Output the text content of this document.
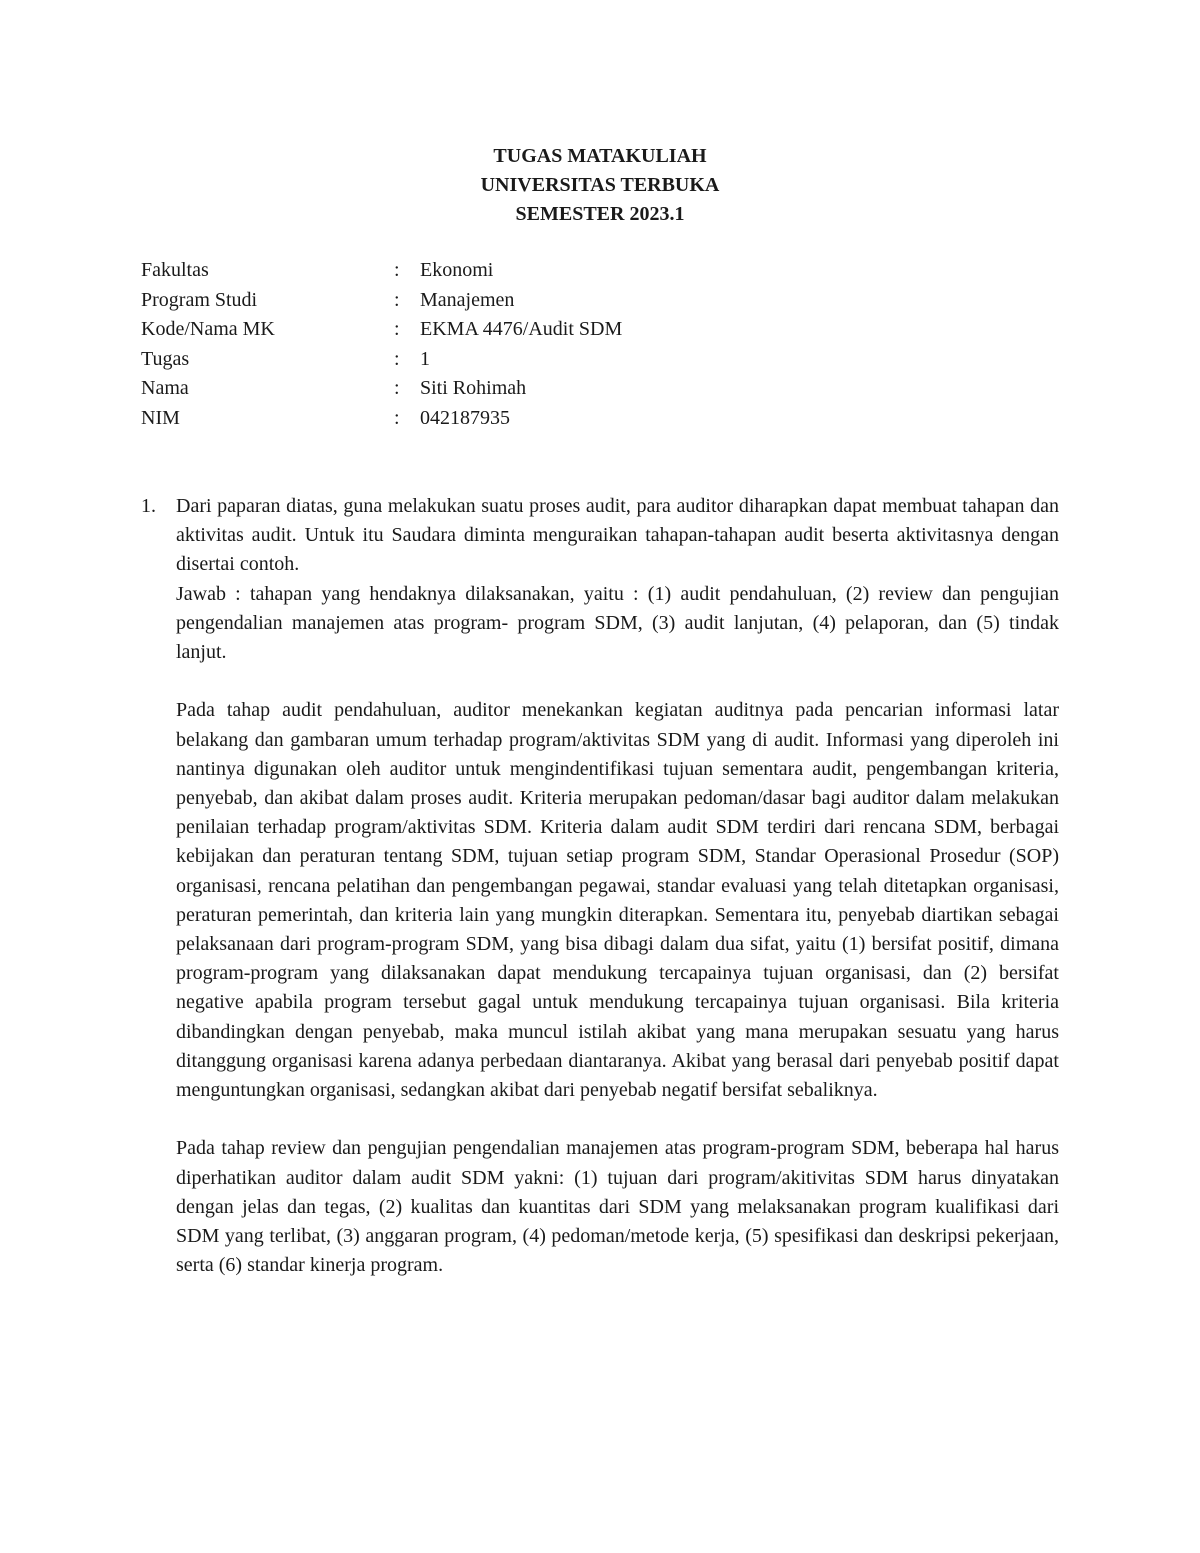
TUGAS MATAKULIAH
UNIVERSITAS TERBUKA
SEMESTER 2023.1
Fakultas	:	Ekonomi
Program Studi	:	Manajemen
Kode/Nama MK	:	EKMA 4476/Audit SDM
Tugas	:	1
Nama	:	Siti Rohimah
NIM	:	042187935
1.	Dari paparan diatas, guna melakukan suatu proses audit, para auditor diharapkan dapat membuat tahapan dan aktivitas audit. Untuk itu Saudara diminta menguraikan tahapan-tahapan audit beserta aktivitasnya dengan disertai contoh.

Jawab : tahapan yang hendaknya dilaksanakan, yaitu : (1) audit pendahuluan, (2) review dan pengujian pengendalian manajemen atas program- program SDM, (3) audit lanjutan, (4) pelaporan, dan (5) tindak lanjut.

Pada tahap audit pendahuluan, auditor menekankan kegiatan auditnya pada pencarian informasi latar belakang dan gambaran umum terhadap program/aktivitas SDM yang di audit. Informasi yang diperoleh ini nantinya digunakan oleh auditor untuk mengindentifikasi tujuan sementara audit, pengembangan kriteria, penyebab, dan akibat dalam proses audit. Kriteria merupakan pedoman/dasar bagi auditor dalam melakukan penilaian terhadap program/aktivitas SDM. Kriteria dalam audit SDM terdiri dari rencana SDM, berbagai kebijakan dan peraturan tentang SDM, tujuan setiap program SDM, Standar Operasional Prosedur (SOP) organisasi, rencana pelatihan dan pengembangan pegawai, standar evaluasi yang telah ditetapkan organisasi, peraturan pemerintah, dan kriteria lain yang mungkin diterapkan. Sementara itu, penyebab diartikan sebagai pelaksanaan dari program-program SDM, yang bisa dibagi dalam dua sifat, yaitu (1) bersifat positif, dimana program-program yang dilaksanakan dapat mendukung tercapainya tujuan organisasi, dan (2) bersifat negative apabila program tersebut gagal untuk mendukung tercapainya tujuan organisasi. Bila kriteria dibandingkan dengan penyebab, maka muncul istilah akibat yang mana merupakan sesuatu yang harus ditanggung organisasi karena adanya perbedaan diantaranya. Akibat yang berasal dari penyebab positif dapat menguntungkan organisasi, sedangkan akibat dari penyebab negatif bersifat sebaliknya.

Pada tahap review dan pengujian pengendalian manajemen atas program-program SDM, beberapa hal harus diperhatikan auditor dalam audit SDM yakni: (1) tujuan dari program/akitivitas SDM harus dinyatakan dengan jelas dan tegas, (2) kualitas dan kuantitas dari SDM yang melaksanakan program kualifikasi dari SDM yang terlibat, (3) anggaran program, (4) pedoman/metode kerja, (5) spesifikasi dan deskripsi pekerjaan, serta (6) standar kinerja program.
